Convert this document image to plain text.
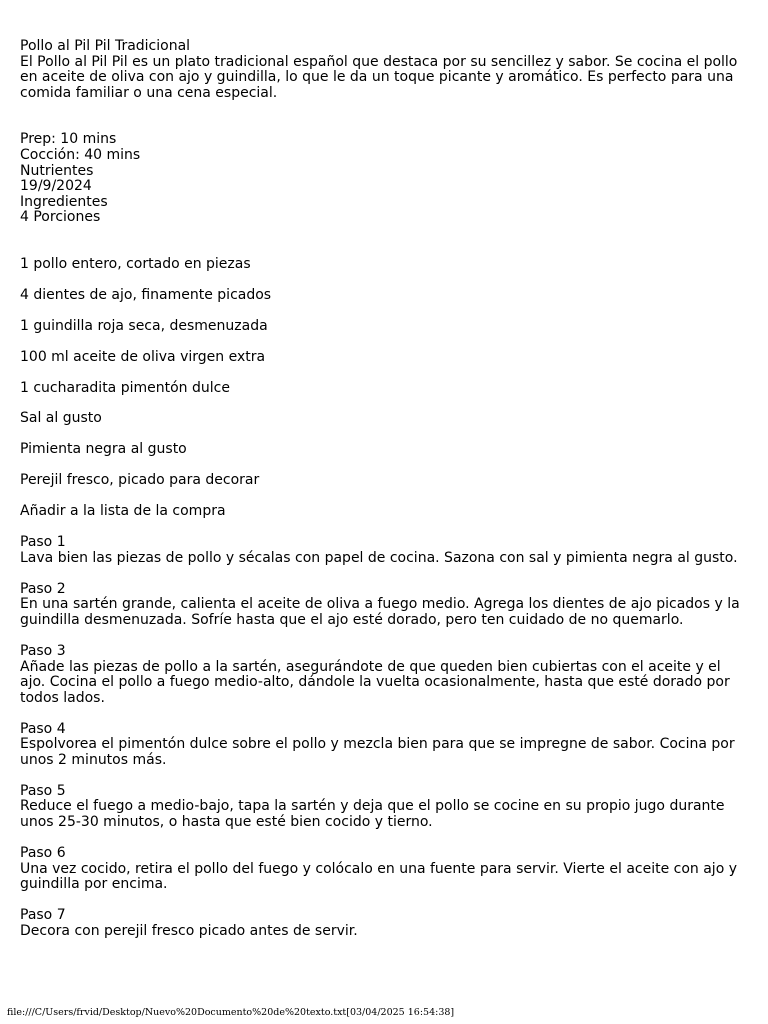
Pollo al Pil Pil Tradicional
El Pollo al Pil Pil es un plato tradicional español que destaca por su sencillez y sabor. Se cocina el pollo en aceite de oliva con ajo y guindilla, lo que le da un toque picante y aromático. Es perfecto para una comida familiar o una cena especial.
Prep: 10 mins
Cocción: 40 mins
Nutrientes
19/9/2024
Ingredientes
4 Porciones
1 pollo entero, cortado en piezas
4 dientes de ajo, finamente picados
1 guindilla roja seca, desmenuzada
100 ml aceite de oliva virgen extra
1 cucharadita pimentón dulce
Sal al gusto
Pimienta negra al gusto
Perejil fresco, picado para decorar
Añadir a la lista de la compra
Paso 1
Lava bien las piezas de pollo y sécalas con papel de cocina. Sazona con sal y pimienta negra al gusto.
Paso 2
En una sartén grande, calienta el aceite de oliva a fuego medio. Agrega los dientes de ajo picados y la guindilla desmenuzada. Sofríe hasta que el ajo esté dorado, pero ten cuidado de no quemarlo.
Paso 3
Añade las piezas de pollo a la sartén, asegurándote de que queden bien cubiertas con el aceite y el ajo. Cocina el pollo a fuego medio-alto, dándole la vuelta ocasionalmente, hasta que esté dorado por todos lados.
Paso 4
Espolvorea el pimentón dulce sobre el pollo y mezcla bien para que se impregne de sabor. Cocina por unos 2 minutos más.
Paso 5
Reduce el fuego a medio-bajo, tapa la sartén y deja que el pollo se cocine en su propio jugo durante unos 25-30 minutos, o hasta que esté bien cocido y tierno.
Paso 6
Una vez cocido, retira el pollo del fuego y colócalo en una fuente para servir. Vierte el aceite con ajo y guindilla por encima.
Paso 7
Decora con perejil fresco picado antes de servir.
file:///C/Users/frvid/Desktop/Nuevo%20Documento%20de%20texto.txt[03/04/2025 16:54:38]
